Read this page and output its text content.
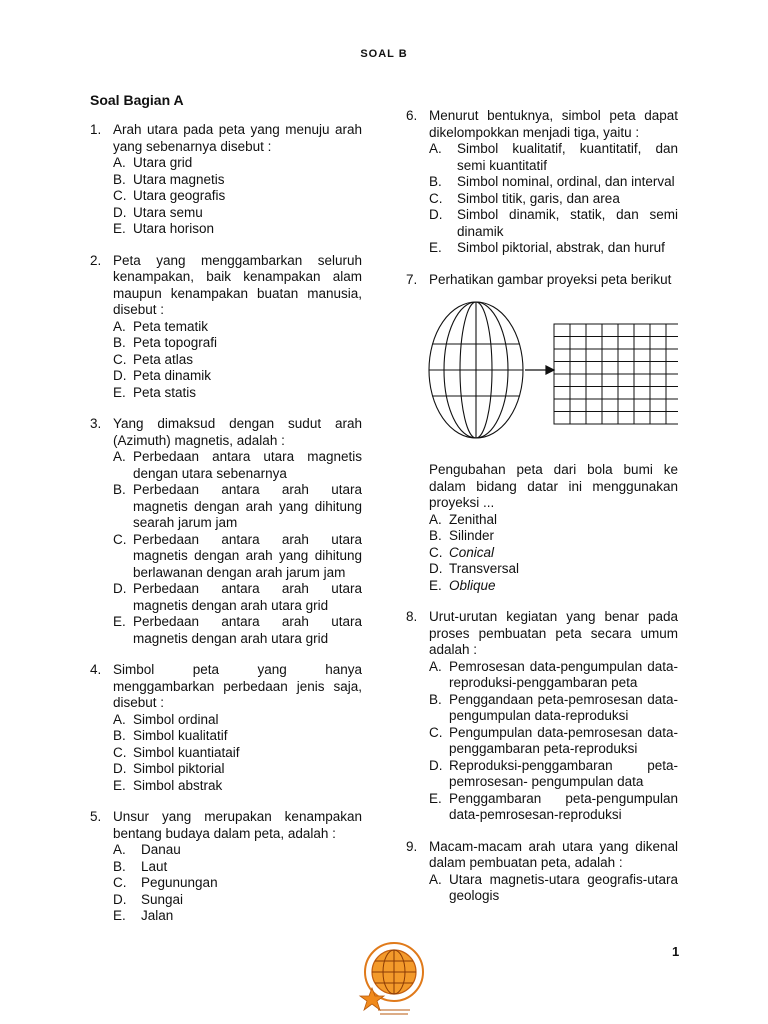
SOAL B
Soal Bagian A
1. Arah utara pada peta yang menuju arah yang sebenarnya disebut :
A. Utara grid
B. Utara magnetis
C. Utara geografis
D. Utara semu
E. Utara horison
2. Peta yang menggambarkan seluruh kenampakan, baik kenampakan alam maupun kenampakan buatan manusia, disebut :
A. Peta tematik
B. Peta topografi
C. Peta atlas
D. Peta dinamik
E. Peta statis
3. Yang dimaksud dengan sudut arah (Azimuth) magnetis, adalah :
A. Perbedaan antara utara magnetis dengan utara sebenarnya
B. Perbedaan antara arah utara magnetis dengan arah yang dihitung searah jarum jam
C. Perbedaan antara arah utara magnetis dengan arah yang dihitung berlawanan dengan arah jarum jam
D. Perbedaan antara arah utara magnetis dengan arah utara grid
E. Perbedaan antara arah utara magnetis dengan arah utara grid
4. Simbol peta yang hanya menggambarkan perbedaan jenis saja, disebut :
A. Simbol ordinal
B. Simbol kualitatif
C. Simbol kuantiataif
D. Simbol piktorial
E. Simbol abstrak
5. Unsur yang merupakan kenampakan bentang budaya dalam peta, adalah :
A. Danau
B. Laut
C. Pegunungan
D. Sungai
E. Jalan
6. Menurut bentuknya, simbol peta dapat dikelompokkan menjadi tiga, yaitu :
A. Simbol kualitatif, kuantitatif, dan semi kuantitatif
B. Simbol nominal, ordinal, dan interval
C. Simbol titik, garis, dan area
D. Simbol dinamik, statik, dan semi dinamik
E. Simbol piktorial, abstrak, dan huruf
7. Perhatikan gambar proyeksi peta berikut
Pengubahan peta dari bola bumi ke dalam bidang datar ini menggunakan proyeksi ...
A. Zenithal
B. Silinder
C. Conical
D. Transversal
E. Oblique
8. Urut-urutan kegiatan yang benar pada proses pembuatan peta secara umum adalah :
A. Pemrosesan data-pengumpulan data-reproduksi-penggambaran peta
B. Penggandaan peta-pemrosesan data-pengumpulan data-reproduksi
C. Pengumpulan data-pemrosesan data-penggambaran peta-reproduksi
D. Reproduksi-penggambaran peta-pemrosesan- pengumpulan data
E. Penggambaran peta-pengumpulan data-pemrosesan-reproduksi
9. Macam-macam arah utara yang dikenal dalam pembuatan peta, adalah :
A. Utara magnetis-utara geografis-utara geologis
1
